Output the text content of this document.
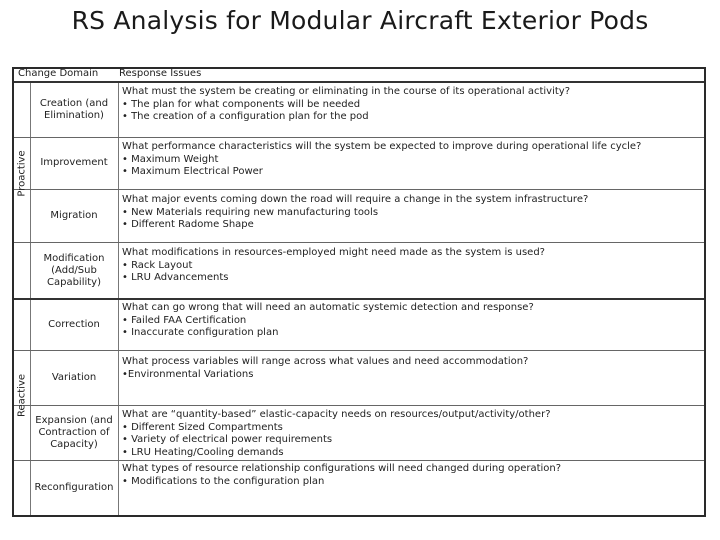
RS Analysis for Modular Aircraft Exterior Pods
Change Domain Response Issues
Proactive
Reactive
Creation (and Elimination)
Improvement
Migration
Modification (Add/Sub Capability)
Correction
Variation
Expansion (and Contraction of Capacity)
Reconfiguration
What must the system be creating or eliminating in the course of its operational activity?
• The plan for what components will be needed
• The creation of a configuration plan for the pod
What performance characteristics will the system be expected to improve during operational life cycle?
• Maximum Weight
• Maximum Electrical Power
What major events coming down the road will require a change in the system infrastructure?
• New Materials requiring new manufacturing tools
• Different Radome Shape
What modifications in resources-employed might need made as the system is used?
• Rack Layout
• LRU Advancements
What can go wrong that will need an automatic systemic detection and response?
• Failed FAA Certification
• Inaccurate configuration plan
What process variables will range across what values and need accommodation?
•Environmental Variations
What are “quantity-based” elastic-capacity needs on resources/output/activity/other?
• Different Sized Compartments
• Variety of electrical power requirements
• LRU Heating/Cooling demands
What types of resource relationship configurations will need changed during operation?
• Modifications to the configuration plan
